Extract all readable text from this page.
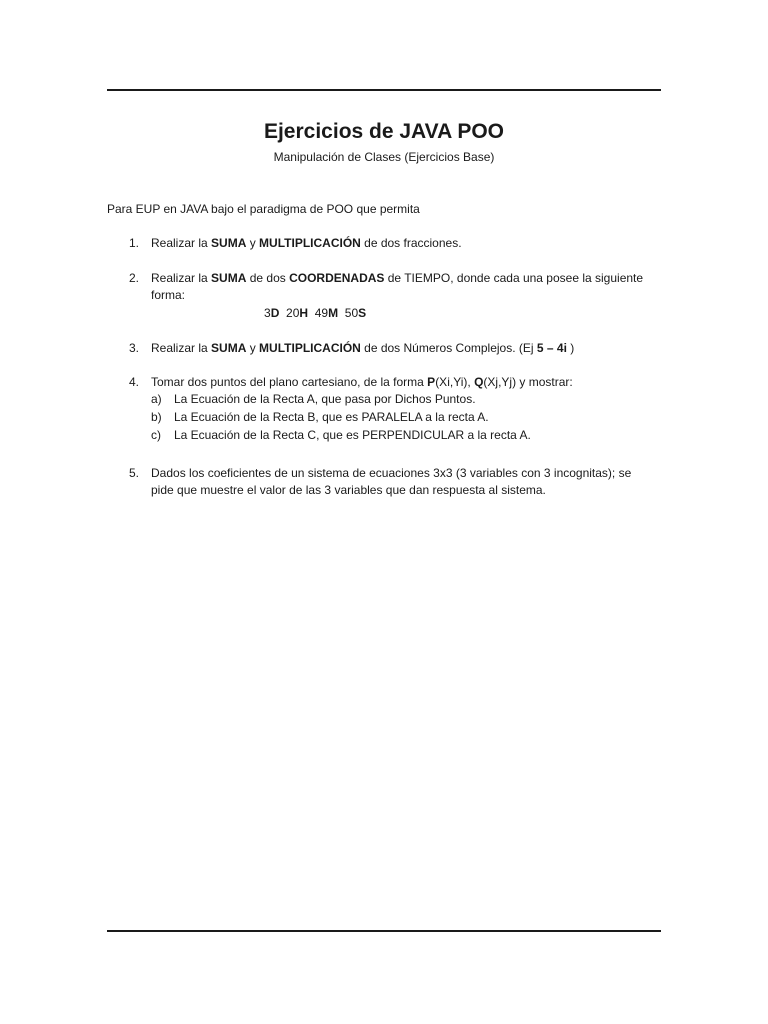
Ejercicios de JAVA POO
Manipulación de Clases (Ejercicios Base)
Para EUP en JAVA bajo el paradigma de POO que permita
1. Realizar la SUMA y MULTIPLICACIÓN de dos fracciones.
2. Realizar la SUMA de dos COORDENADAS de TIEMPO, donde cada una posee la siguiente
forma:
3D 20H 49M 50S
3. Realizar la SUMA y MULTIPLICACIÓN de dos Números Complejos. (Ej 5 – 4i )
4. Tomar dos puntos del plano cartesiano, de la forma P(Xi,Yi), Q(Xj,Yj) y mostrar:
a) La Ecuación de la Recta A, que pasa por Dichos Puntos.
b) La Ecuación de la Recta B, que es PARALELA a la recta A.
c) La Ecuación de la Recta C, que es PERPENDICULAR a la recta A.
5. Dados los coeficientes de un sistema de ecuaciones 3x3 (3 variables con 3 incognitas); se
pide que muestre el valor de las 3 variables que dan respuesta al sistema.
